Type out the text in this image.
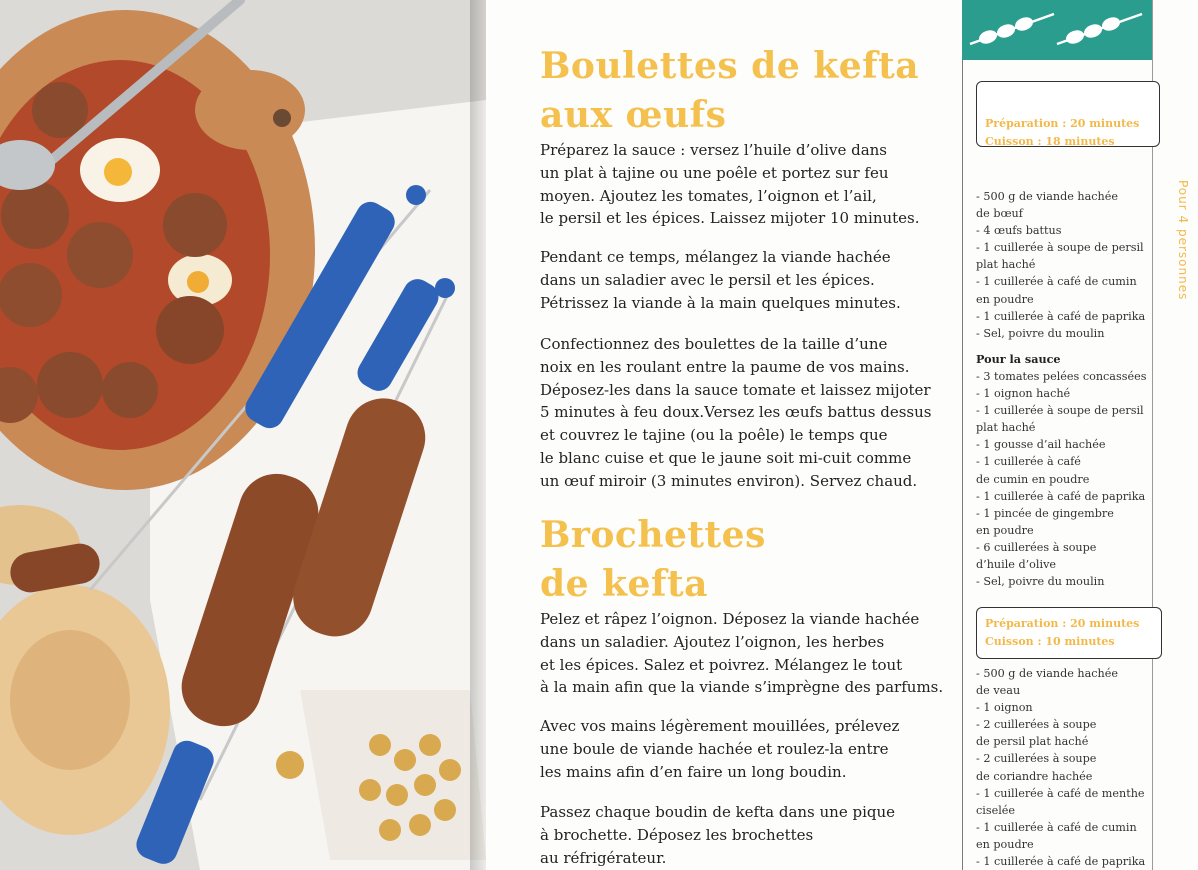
Boulettes de kefta
aux œufs

Préparez la sauce : versez l’huile d’olive dans
un plat à tajine ou une poêle et portez sur feu
moyen. Ajoutez les tomates, l’oignon et l’ail,
le persil et les épices. Laissez mijoter 10 minutes.

Pendant ce temps, mélangez la viande hachée
dans un saladier avec le persil et les épices.
Pétrissez la viande à la main quelques minutes.

Confectionnez des boulettes de la taille d’une
noix en les roulant entre la paume de vos mains.
Déposez-les dans la sauce tomate et laissez mijoter
5 minutes à feu doux.Versez les œufs battus dessus
et couvrez le tajine (ou la poêle) le temps que
le blanc cuise et que le jaune soit mi-cuit comme
un œuf miroir (3 minutes environ). Servez chaud.

Brochettes
de kefta

Pelez et râpez l’oignon. Déposez la viande hachée
dans un saladier. Ajoutez l’oignon, les herbes
et les épices. Salez et poivrez. Mélangez le tout
à la main afin que la viande s’imprègne des parfums.

Avec vos mains légèrement mouillées, prélevez
une boule de viande hachée et roulez-la entre
les mains afin d’en faire un long boudin.

Passez chaque boudin de kefta dans une pique
à brochette. Déposez les brochettes
au réfrigérateur.

Préparation : 20 minutes
Cuisson : 18 minutes
- 500 g de viande hachée
de bœuf
- 4 œufs battus
- 1 cuillerée à soupe de persil
plat haché
- 1 cuillerée à café de cumin
en poudre
- 1 cuillerée à café de paprika
- Sel, poivre du moulin
Pour la sauce
- 3 tomates pelées concassées
- 1 oignon haché
- 1 cuillerée à soupe de persil
plat haché
- 1 gousse d’ail hachée
- 1 cuillerée à café
de cumin en poudre
- 1 cuillerée à café de paprika
- 1 pincée de gingembre
en poudre
- 6 cuillerées à soupe
d’huile d’olive
- Sel, poivre du moulin
Préparation : 20 minutes
Cuisson : 10 minutes
- 500 g de viande hachée
de veau
- 1 oignon
- 2 cuillerées à soupe
de persil plat haché
- 2 cuillerées à soupe
de coriandre hachée
- 1 cuillerée à café de menthe
ciselée
- 1 cuillerée à café de cumin
en poudre
- 1 cuillerée à café de paprika
Pour 4 personnes
